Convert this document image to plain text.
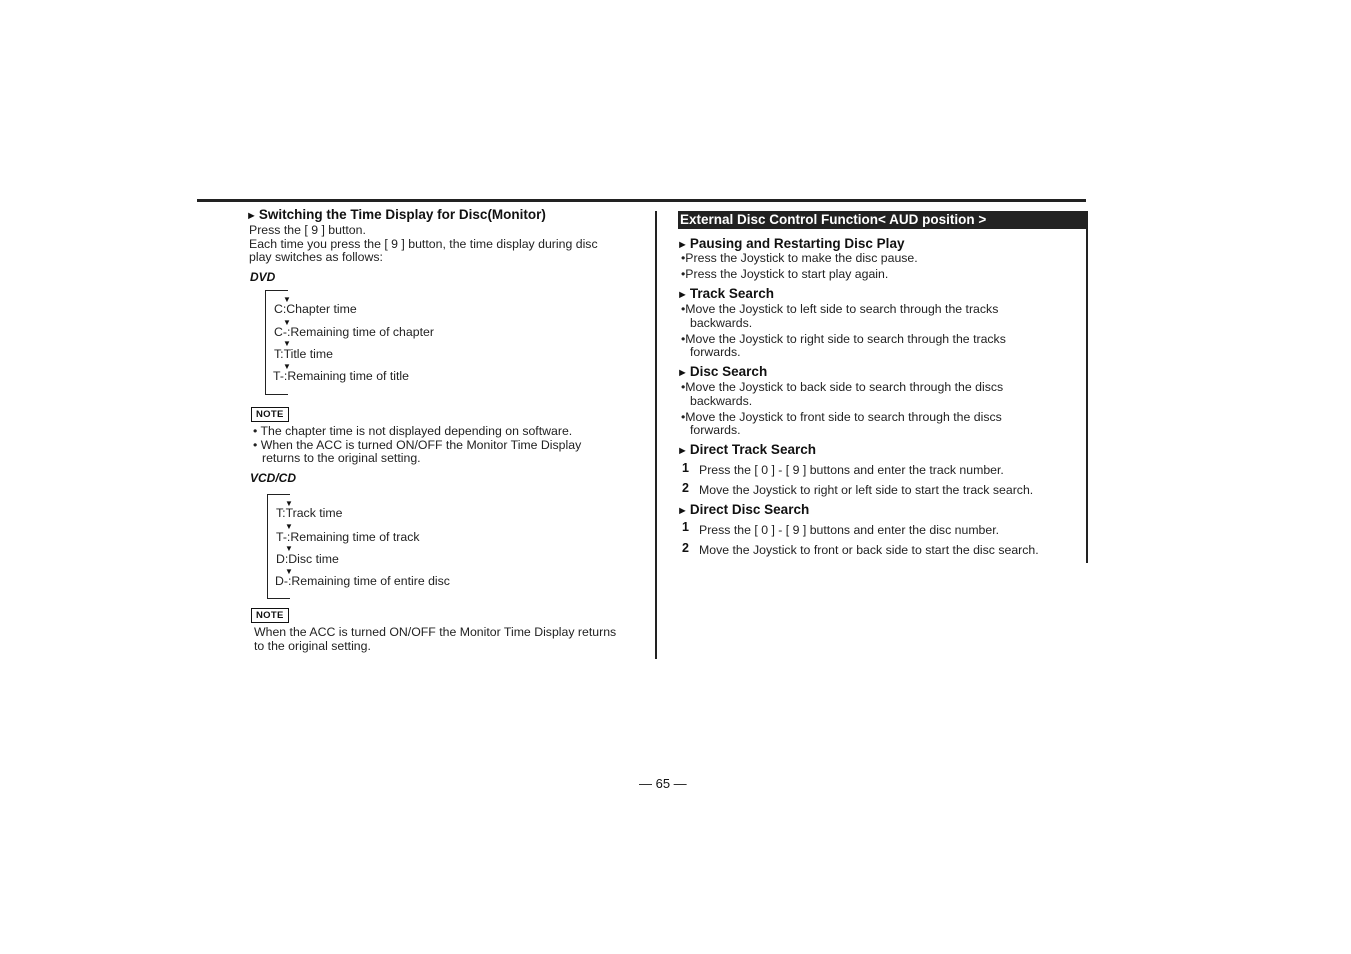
► Switching the Time Display for Disc(Monitor)
Press the [ 9 ] button.
Each time you press the [ 9 ] button, the time display during disc
play switches as follows:
DVD
▼
C:Chapter time
▼
C-:Remaining time of chapter
▼
T:Title time
▼
T-:Remaining time of title
NOTE
• The chapter time is not displayed depending on software.
• When the ACC is turned ON/OFF the Monitor Time Display
returns to the original setting.
VCD/CD
▼
T:Track time
▼
T-:Remaining time of track
▼
D:Disc time
▼
D-:Remaining time of entire disc
NOTE
When the ACC is turned ON/OFF the Monitor Time Display returns
to the original setting.
External Disc Control Function< AUD position >
► Pausing and Restarting Disc Play
•Press the Joystick to make the disc pause.
•Press the Joystick to start play again.
► Track Search
•Move the Joystick to left side to search through the tracks
backwards.
•Move the Joystick to right side to search through the tracks
forwards.
► Disc Search
•Move the Joystick to back side to search through the discs
backwards.
•Move the Joystick to front side to search through the discs
forwards.
► Direct Track Search
1 Press the [ 0 ] - [ 9 ] buttons and enter the track number.
2 Move the Joystick to right or left side to start the track search.
► Direct Disc Search
1 Press the [ 0 ] - [ 9 ] buttons and enter the disc number.
2 Move the Joystick to front or back side to start the disc search.
— 65 —
